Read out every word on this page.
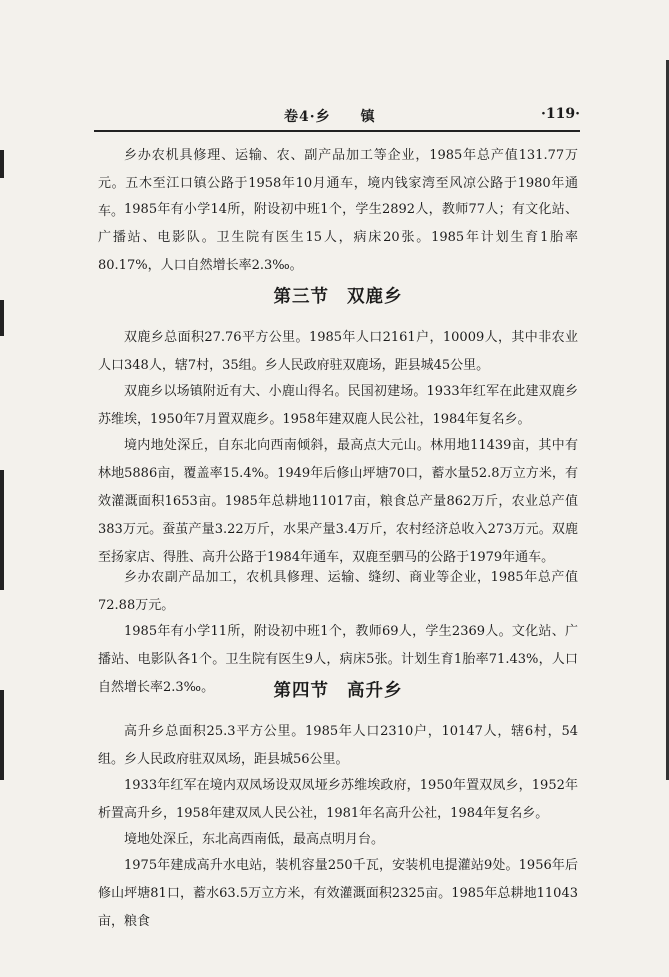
卷4·乡　　镇	·119·

乡办农机具修理、运输、农、副产品加工等企业，1985年总产值131.77万元。五木至江口镇公路于1958年10月通车，境内钱家湾至风凉公路于1980年通车。 1985年有小学14所，附设初中班1个，学生2892人，教师77人；有文化站、广播站、电影队。卫生院有医生15人，病床20张。1985年计划生育1胎率80.17%，人口自然增长率2.3‰。

第三节 双鹿乡

双鹿乡总面积27.76平方公里。1985年人口2161户，10009人，其中非农业人口348人，辖7村，35组。乡人民政府驻双鹿场，距县城45公里。

双鹿乡以场镇附近有大、小鹿山得名。民国初建场。1933年红军在此建双鹿乡苏维埃，1950年7月置双鹿乡。1958年建双鹿人民公社，1984年复名乡。

境内地处深丘，自东北向西南倾斜，最高点大元山。林用地11439亩，其中有林地5886亩，覆盖率15.4%。1949年后修山坪塘70口，蓄水量52.8万立方米，有效灌溉面积1653亩。1985年总耕地11017亩，粮食总产量862万斤，农业总产值383万元。蚕茧产量3.22万斤，水果产量3.4万斤，农村经济总收入273万元。双鹿至扬家店、得胜、高升公路于1984年通车，双鹿至驷马的公路于1979年通车。

乡办农副产品加工，农机具修理、运输、缝纫、商业等企业，1985年总产值72.88万元。

1985年有小学11所，附设初中班1个，教师69人，学生2369人。文化站、广播站、电影队各1个。卫生院有医生9人，病床5张。计划生育1胎率71.43%，人口自然增长率2.3‰。	第四节 高升乡

高升乡总面积25.3平方公里。1985年人口2310户，10147人，辖6村，54组。乡人民政府驻双凤场，距县城56公里。

1933年红军在境内双凤场设双凤垭乡苏维埃政府，1950年置双凤乡，1952年析置高升乡，1958年建双凤人民公社，1981年名高升公社，1984年复名乡。

境地处深丘，东北高西南低，最高点明月台。

1975年建成高升水电站，装机容量250千瓦，安装机电提灌站9处。1956年后修山坪塘81口，蓄水63.5万立方米，有效灌溉面积2325亩。1985年总耕地11043亩，粮食
